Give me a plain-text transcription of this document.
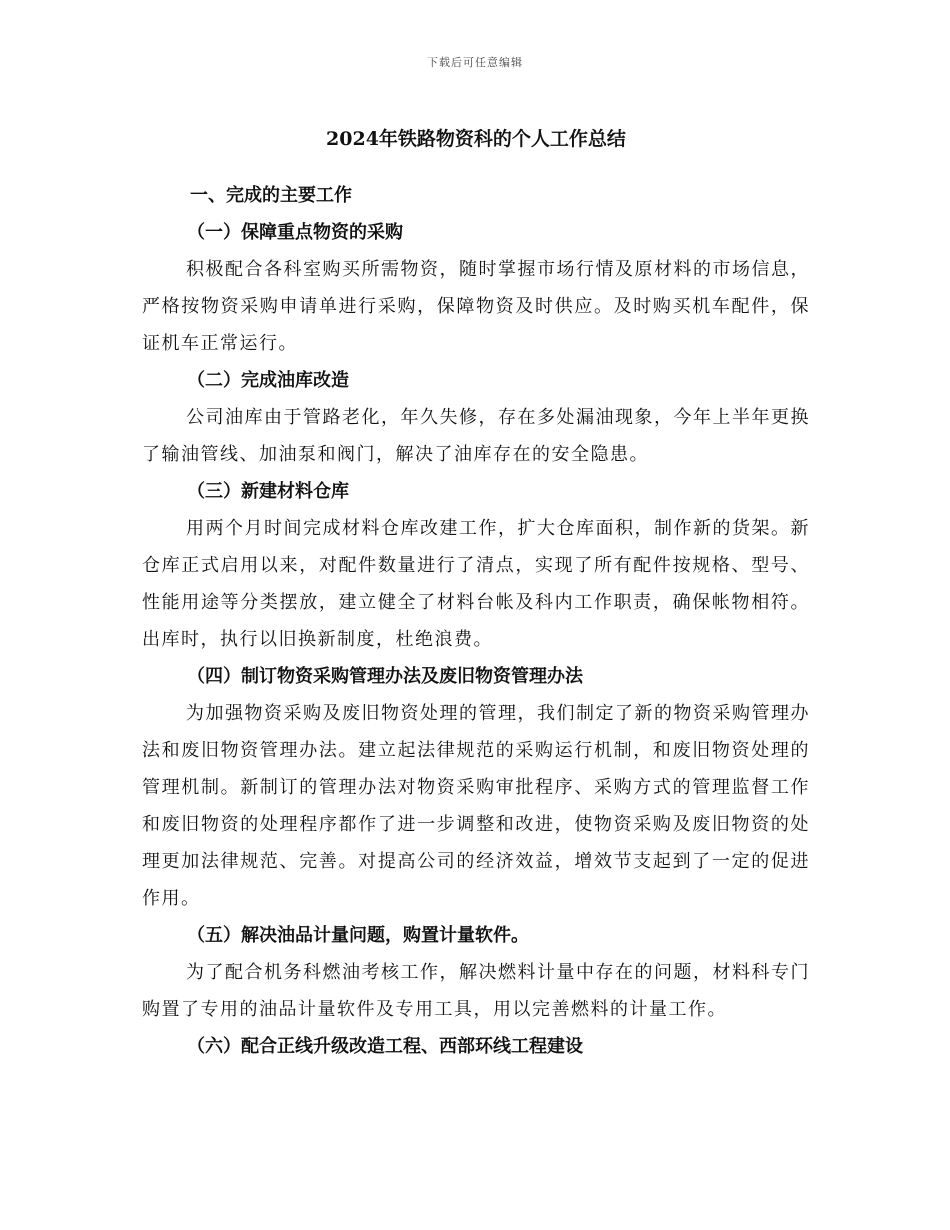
下载后可任意编辑
2024年铁路物资科的个人工作总结
一、完成的主要工作
（一）保障重点物资的采购

积极配合各科室购买所需物资，随时掌握市场行情及原材料的市场信息，严格按物资采购申请单进行采购，保障物资及时供应。及时购买机车配件，保证机车正常运行。

（二）完成油库改造

公司油库由于管路老化，年久失修，存在多处漏油现象，今年上半年更换了输油管线、加油泵和阀门，解决了油库存在的安全隐患。

（三）新建材料仓库

用两个月时间完成材料仓库改建工作，扩大仓库面积，制作新的货架。新仓库正式启用以来，对配件数量进行了清点，实现了所有配件按规格、型号、性能用途等分类摆放，建立健全了材料台帐及科内工作职责，确保帐物相符。出库时，执行以旧换新制度，杜绝浪费。

（四）制订物资采购管理办法及废旧物资管理办法

为加强物资采购及废旧物资处理的管理，我们制定了新的物资采购管理办法和废旧物资管理办法。建立起法律规范的采购运行机制，和废旧物资处理的管理机制。新制订的管理办法对物资采购审批程序、采购方式的管理监督工作和废旧物资的处理程序都作了进一步调整和改进，使物资采购及废旧物资的处理更加法律规范、完善。对提高公司的经济效益，增效节支起到了一定的促进作用。

（五）解决油品计量问题，购置计量软件。

为了配合机务科燃油考核工作，解决燃料计量中存在的问题，材料科专门购置了专用的油品计量软件及专用工具，用以完善燃料的计量工作。

（六）配合正线升级改造工程、西部环线工程建设
